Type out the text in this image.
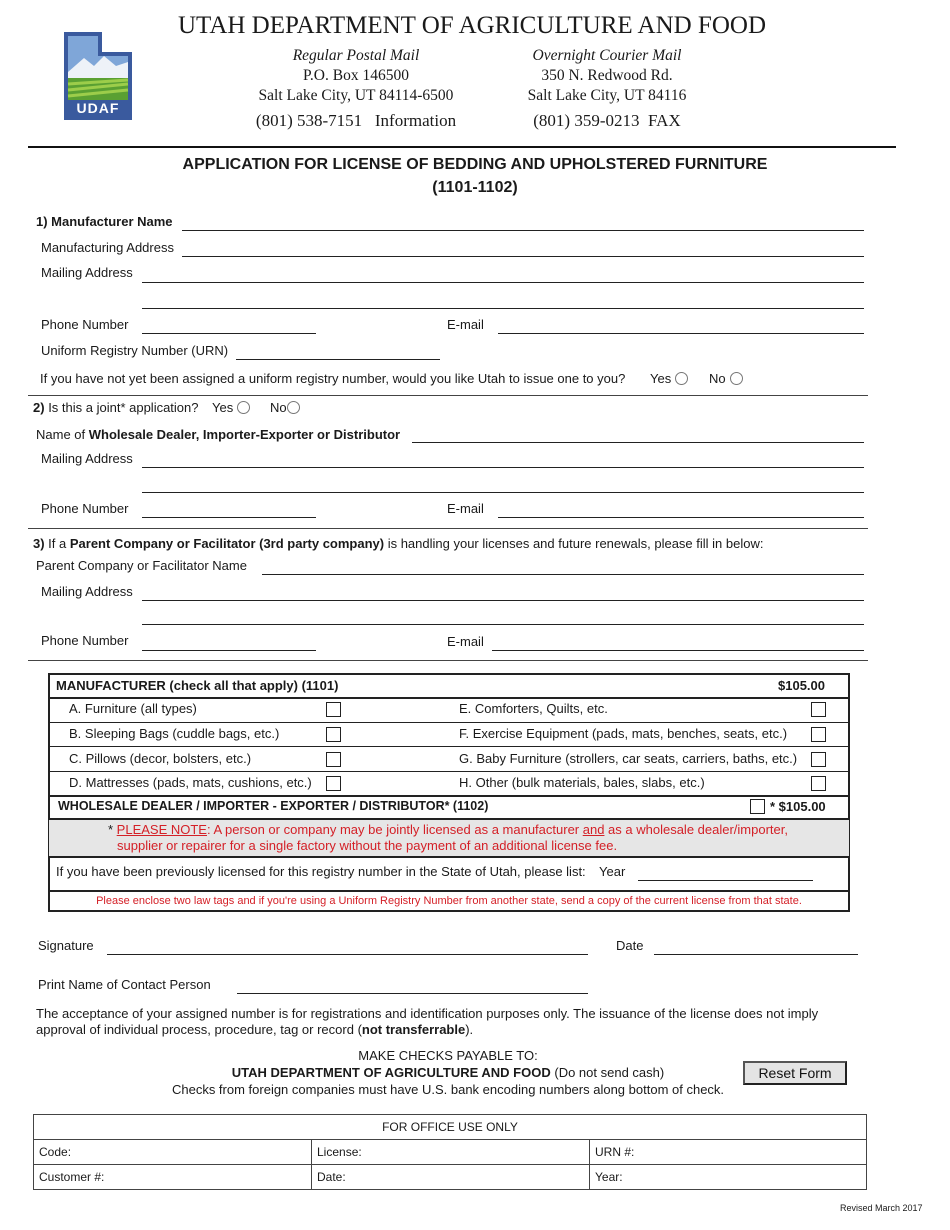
UDAF
UTAH DEPARTMENT OF AGRICULTURE AND FOOD
Regular Postal Mail
P.O. Box 146500
Salt Lake City, UT 84114-6500
(801) 538-7151   Information
Overnight Courier Mail
350 N. Redwood Rd.
Salt Lake City, UT 84116
(801) 359-0213  FAX
APPLICATION FOR LICENSE OF BEDDING AND UPHOLSTERED FURNITURE
(1101-1102)
1) Manufacturer Name
Manufacturing Address
Mailing Address
Phone Number	E-mail
Uniform Registry Number (URN)
If you have not yet been assigned a uniform registry number, would you like Utah to issue one to you? Yes	No
2) Is this a joint* application? Yes	No
Name of Wholesale Dealer, Importer-Exporter or Distributor
Mailing Address
Phone Number	E-mail
3) If a Parent Company or Facilitator (3rd party company) is handling your licenses and future renewals, please fill in below:
Parent Company or Facilitator Name
Mailing Address
Phone Number	E-mail
MANUFACTURER (check all that apply) (1101)	$105.00
A. Furniture (all types)	E. Comforters, Quilts, etc.
B. Sleeping Bags (cuddle bags, etc.)	F. Exercise Equipment (pads, mats, benches, seats, etc.)
C. Pillows (decor, bolsters, etc.)	G. Baby Furniture (strollers, car seats, carriers, baths, etc.)
D. Mattresses (pads, mats, cushions, etc.)	H. Other (bulk materials, bales, slabs, etc.)
WHOLESALE DEALER / IMPORTER - EXPORTER / DISTRIBUTOR* (1102)	* $105.00
* PLEASE NOTE: A person or company may be jointly licensed as a manufacturer and as a wholesale dealer/importer,
supplier or repairer for a single factory without the payment of an additional license fee.
If you have been previously licensed for this registry number in the State of Utah, please list: Year
Please enclose two law tags and if you're using a Uniform Registry Number from another state, send a copy of the current license from that state.
Signature	Date
Print Name of Contact Person
The acceptance of your assigned number is for registrations and identification purposes only. The issuance of the license does not imply approval of individual process, procedure, tag or record (not transferrable).
MAKE CHECKS PAYABLE TO:
UTAH DEPARTMENT OF AGRICULTURE AND FOOD (Do not send cash)
Checks from foreign companies must have U.S. bank encoding numbers along bottom of check.
Reset Form
FOR OFFICE USE ONLY		
Code:	License:	URN #:
Customer #:	Date:	Year:
Revised March 2017
